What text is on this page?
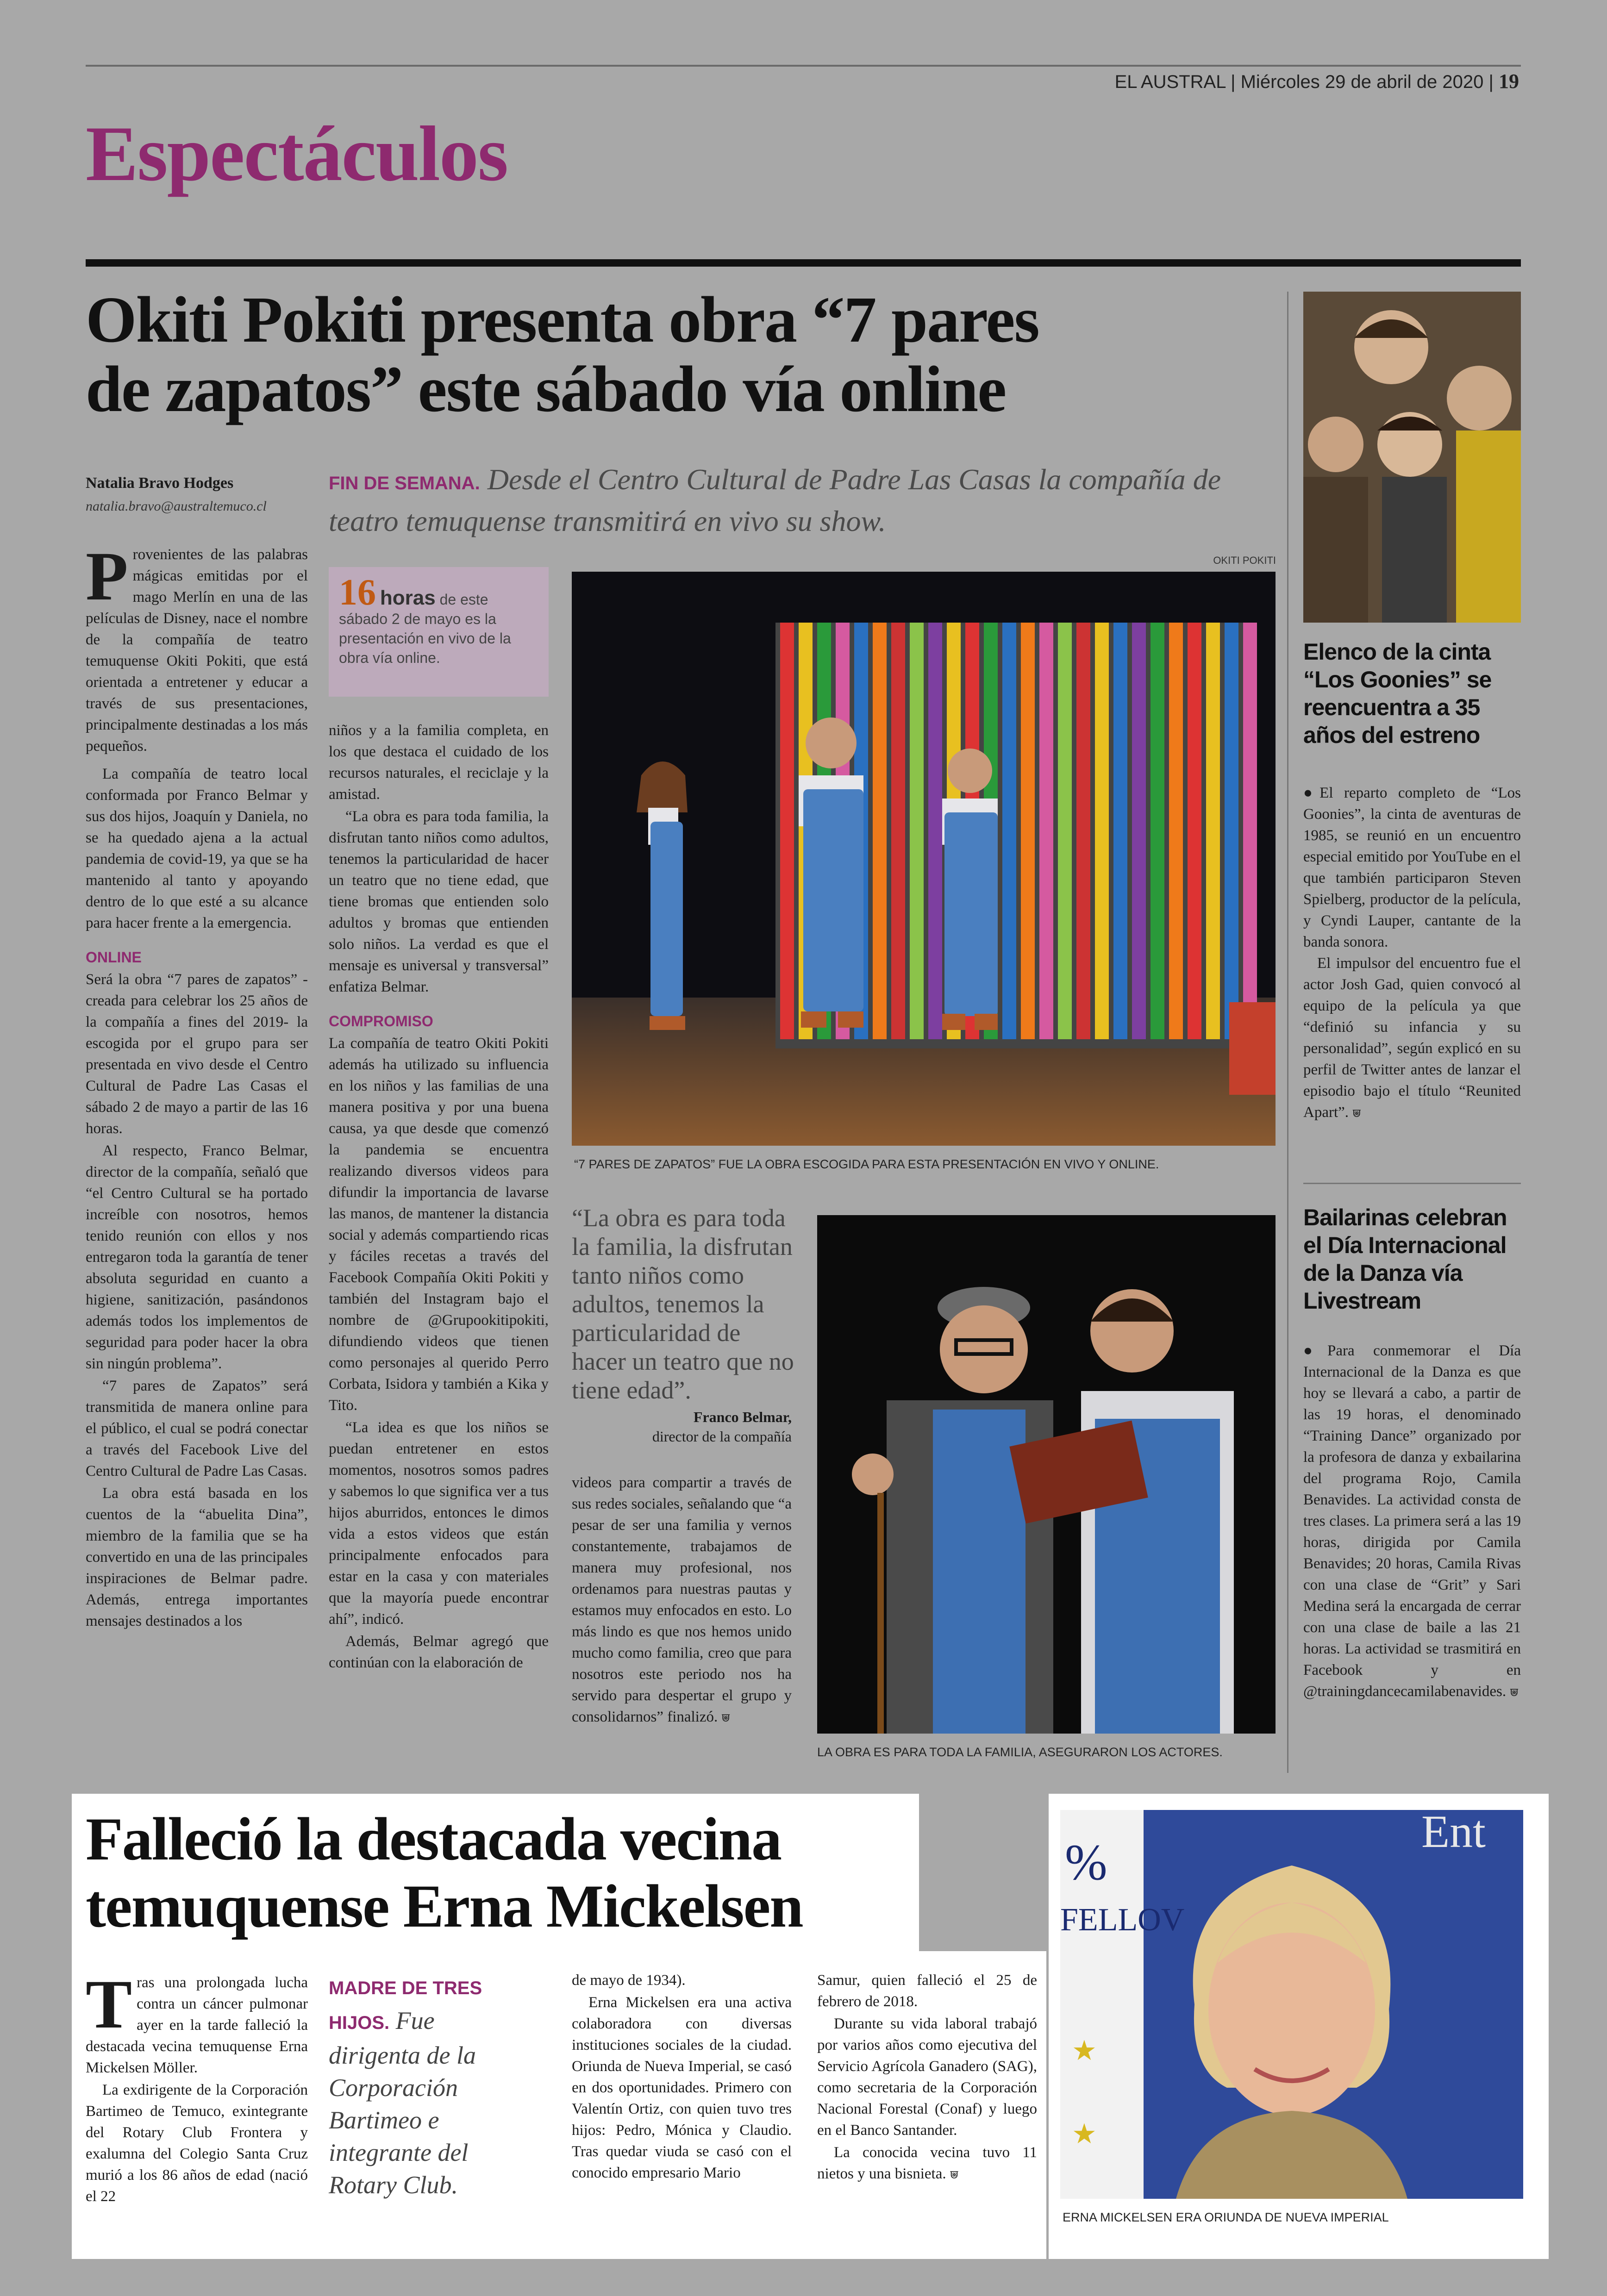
EL AUSTRAL | Miércoles 29 de abril de 2020 | 19
Espectáculos
Okiti Pokiti presenta obra “7 pares
de zapatos” este sábado vía online
Natalia Bravo Hodges
natalia.bravo@australtemuco.cl
FIN DE SEMANA. Desde el Centro Cultural de Padre Las Casas la compañía de teatro temuquense transmitirá en vivo su show.

Provenientes de las palabras mágicas emitidas por el mago Merlín en una de las películas de Disney, nace el nombre de la compañía de teatro temuquense Okiti Pokiti, que está orientada a entretener y educar a través de sus presentaciones, principalmente destinadas a los más pequeños.

La compañía de teatro local conformada por Franco Belmar y sus dos hijos, Joaquín y Daniela, no se ha quedado ajena a la actual pandemia de covid-19, ya que se ha mantenido al tanto y apoyando dentro de lo que esté a su alcance para hacer frente a la emergencia.

ONLINE

Será la obra “7 pares de zapatos” -creada para celebrar los 25 años de la compañía a fines del 2019- la escogida por el grupo para ser presentada en vivo desde el Centro Cultural de Padre Las Casas el sábado 2 de mayo a partir de las 16 horas.

Al respecto, Franco Belmar, director de la compañía, señaló que “el Centro Cultural se ha portado increíble con nosotros, hemos tenido reunión con ellos y nos entregaron toda la garantía de tener absoluta seguridad en cuanto a higiene, sanitización, pasándonos además todos los implementos de seguridad para poder hacer la obra sin ningún problema”.

“7 pares de Zapatos” será transmitida de manera online para el público, el cual se podrá conectar a través del Facebook Live del Centro Cultural de Padre Las Casas.

La obra está basada en los cuentos de la “abuelita Dina”, miembro de la familia que se ha convertido en una de las principales inspiraciones de Belmar padre. Además, entrega importantes mensajes destinados a los

16 horas de este sábado 2 de mayo es la presentación en vivo de la obra vía online.

niños y a la familia completa, en los que destaca el cuidado de los recursos naturales, el reciclaje y la amistad.

“La obra es para toda familia, la disfrutan tanto niños como adultos, tenemos la particularidad de hacer un teatro que no tiene edad, que tiene bromas que entienden solo adultos y bromas que entienden solo niños. La verdad es que el mensaje es universal y transversal” enfatiza Belmar.

COMPROMISO

La compañía de teatro Okiti Pokiti además ha utilizado su influencia en los niños y las familias de una manera positiva y por una buena causa, ya que desde que comenzó la pandemia se encuentra realizando diversos videos para difundir la importancia de lavarse las manos, de mantener la distancia social y además compartiendo ricas y fáciles recetas a través del Facebook Compañía Okiti Pokiti y también del Instagram bajo el nombre de @Grupookitipokiti, difundiendo videos que tienen como personajes al querido Perro Corbata, Isidora y también a Kika y Tito.

“La idea es que los niños se puedan entretener en estos momentos, nosotros somos padres y sabemos lo que significa ver a tus hijos aburridos, entonces le dimos vida a estos videos que están principalmente enfocados para estar en la casa y con materiales que la mayoría puede encontrar ahí”, indicó.

Además, Belmar agregó que continúan con la elaboración de

OKITI POKITI
“7 PARES DE ZAPATOS” FUE LA OBRA ESCOGIDA PARA ESTA PRESENTACIÓN EN VIVO Y ONLINE.
“La obra es para toda la familia, la disfrutan tanto niños como adultos, tenemos la particularidad de hacer un teatro que no tiene edad”.
Franco Belmar,
director de la compañía

videos para compartir a través de sus redes sociales, señalando que “a pesar de ser una familia y vernos constantemente, trabajamos de manera muy profesional, nos ordenamos para nuestras pautas y estamos muy enfocados en esto. Lo más lindo es que nos hemos unido mucho como familia, creo que para nosotros este periodo nos ha servido para despertar el grupo y consolidarnos” finalizó. ⩐

LA OBRA ES PARA TODA LA FAMILIA, ASEGURARON LOS ACTORES.
Elenco de la cinta “Los Goonies” se reencuentra a 35 años del estreno

●El reparto completo de “Los Goonies”, la cinta de aventuras de 1985, se reunió en un encuentro especial emitido por YouTube en el que también participaron Steven Spielberg, productor de la película, y Cyndi Lauper, cantante de la banda sonora.

El impulsor del encuentro fue el actor Josh Gad, quien convocó al equipo de la película ya que “definió su infancia y su personalidad”, según explicó en su perfil de Twitter antes de lanzar el episodio bajo el título “Reunited Apart”. ⩐

Bailarinas celebran el Día Internacional de la Danza vía Livestream

●Para conmemorar el Día Internacional de la Danza es que hoy se llevará a cabo, a partir de las 19 horas, el denominado “Training Dance” organizado por la profesora de danza y exbailarina del programa Rojo, Camila Benavides. La actividad consta de tres clases. La primera será a las 19 horas, dirigida por Camila Benavides; 20 horas, Camila Rivas con una clase de “Grit” y Sari Medina será la encargada de cerrar con una clase de baile a las 21 horas. La actividad se trasmitirá en Facebook y en @trainingdancecamilabenavides. ⩐

Falleció la destacada vecina
temuquense Erna Mickelsen

Tras una prolongada lucha contra un cáncer pulmonar ayer en la tarde falleció la destacada vecina temuquense Erna Mickelsen Möller.

La exdirigente de la Corporación Bartimeo de Temuco, exintegrante del Rotary Club Frontera y exalumna del Colegio Santa Cruz murió a los 86 años de edad (nació el 22

MADRE DE TRES HIJOS. Fue dirigenta de la Corporación Bartimeo e integrante del Rotary Club.

de mayo de 1934).

Erna Mickelsen era una activa colaboradora con diversas instituciones sociales de la ciudad. Oriunda de Nueva Imperial, se casó en dos oportunidades. Primero con Valentín Ortiz, con quien tuvo tres hijos: Pedro, Mónica y Claudio. Tras quedar viuda se casó con el conocido empresario Mario

Samur, quien falleció el 25 de febrero de 2018.

Durante su vida laboral trabajó por varios años como ejecutiva del Servicio Agrícola Ganadero (SAG), como secretaria de la Corporación Nacional Forestal (Conaf) y luego en el Banco Santander.

La conocida vecina tuvo 11 nietos y una bisnieta. ⩐

%
FELLOV
Ent
★
★
ERNA MICKELSEN ERA ORIUNDA DE NUEVA IMPERIAL
